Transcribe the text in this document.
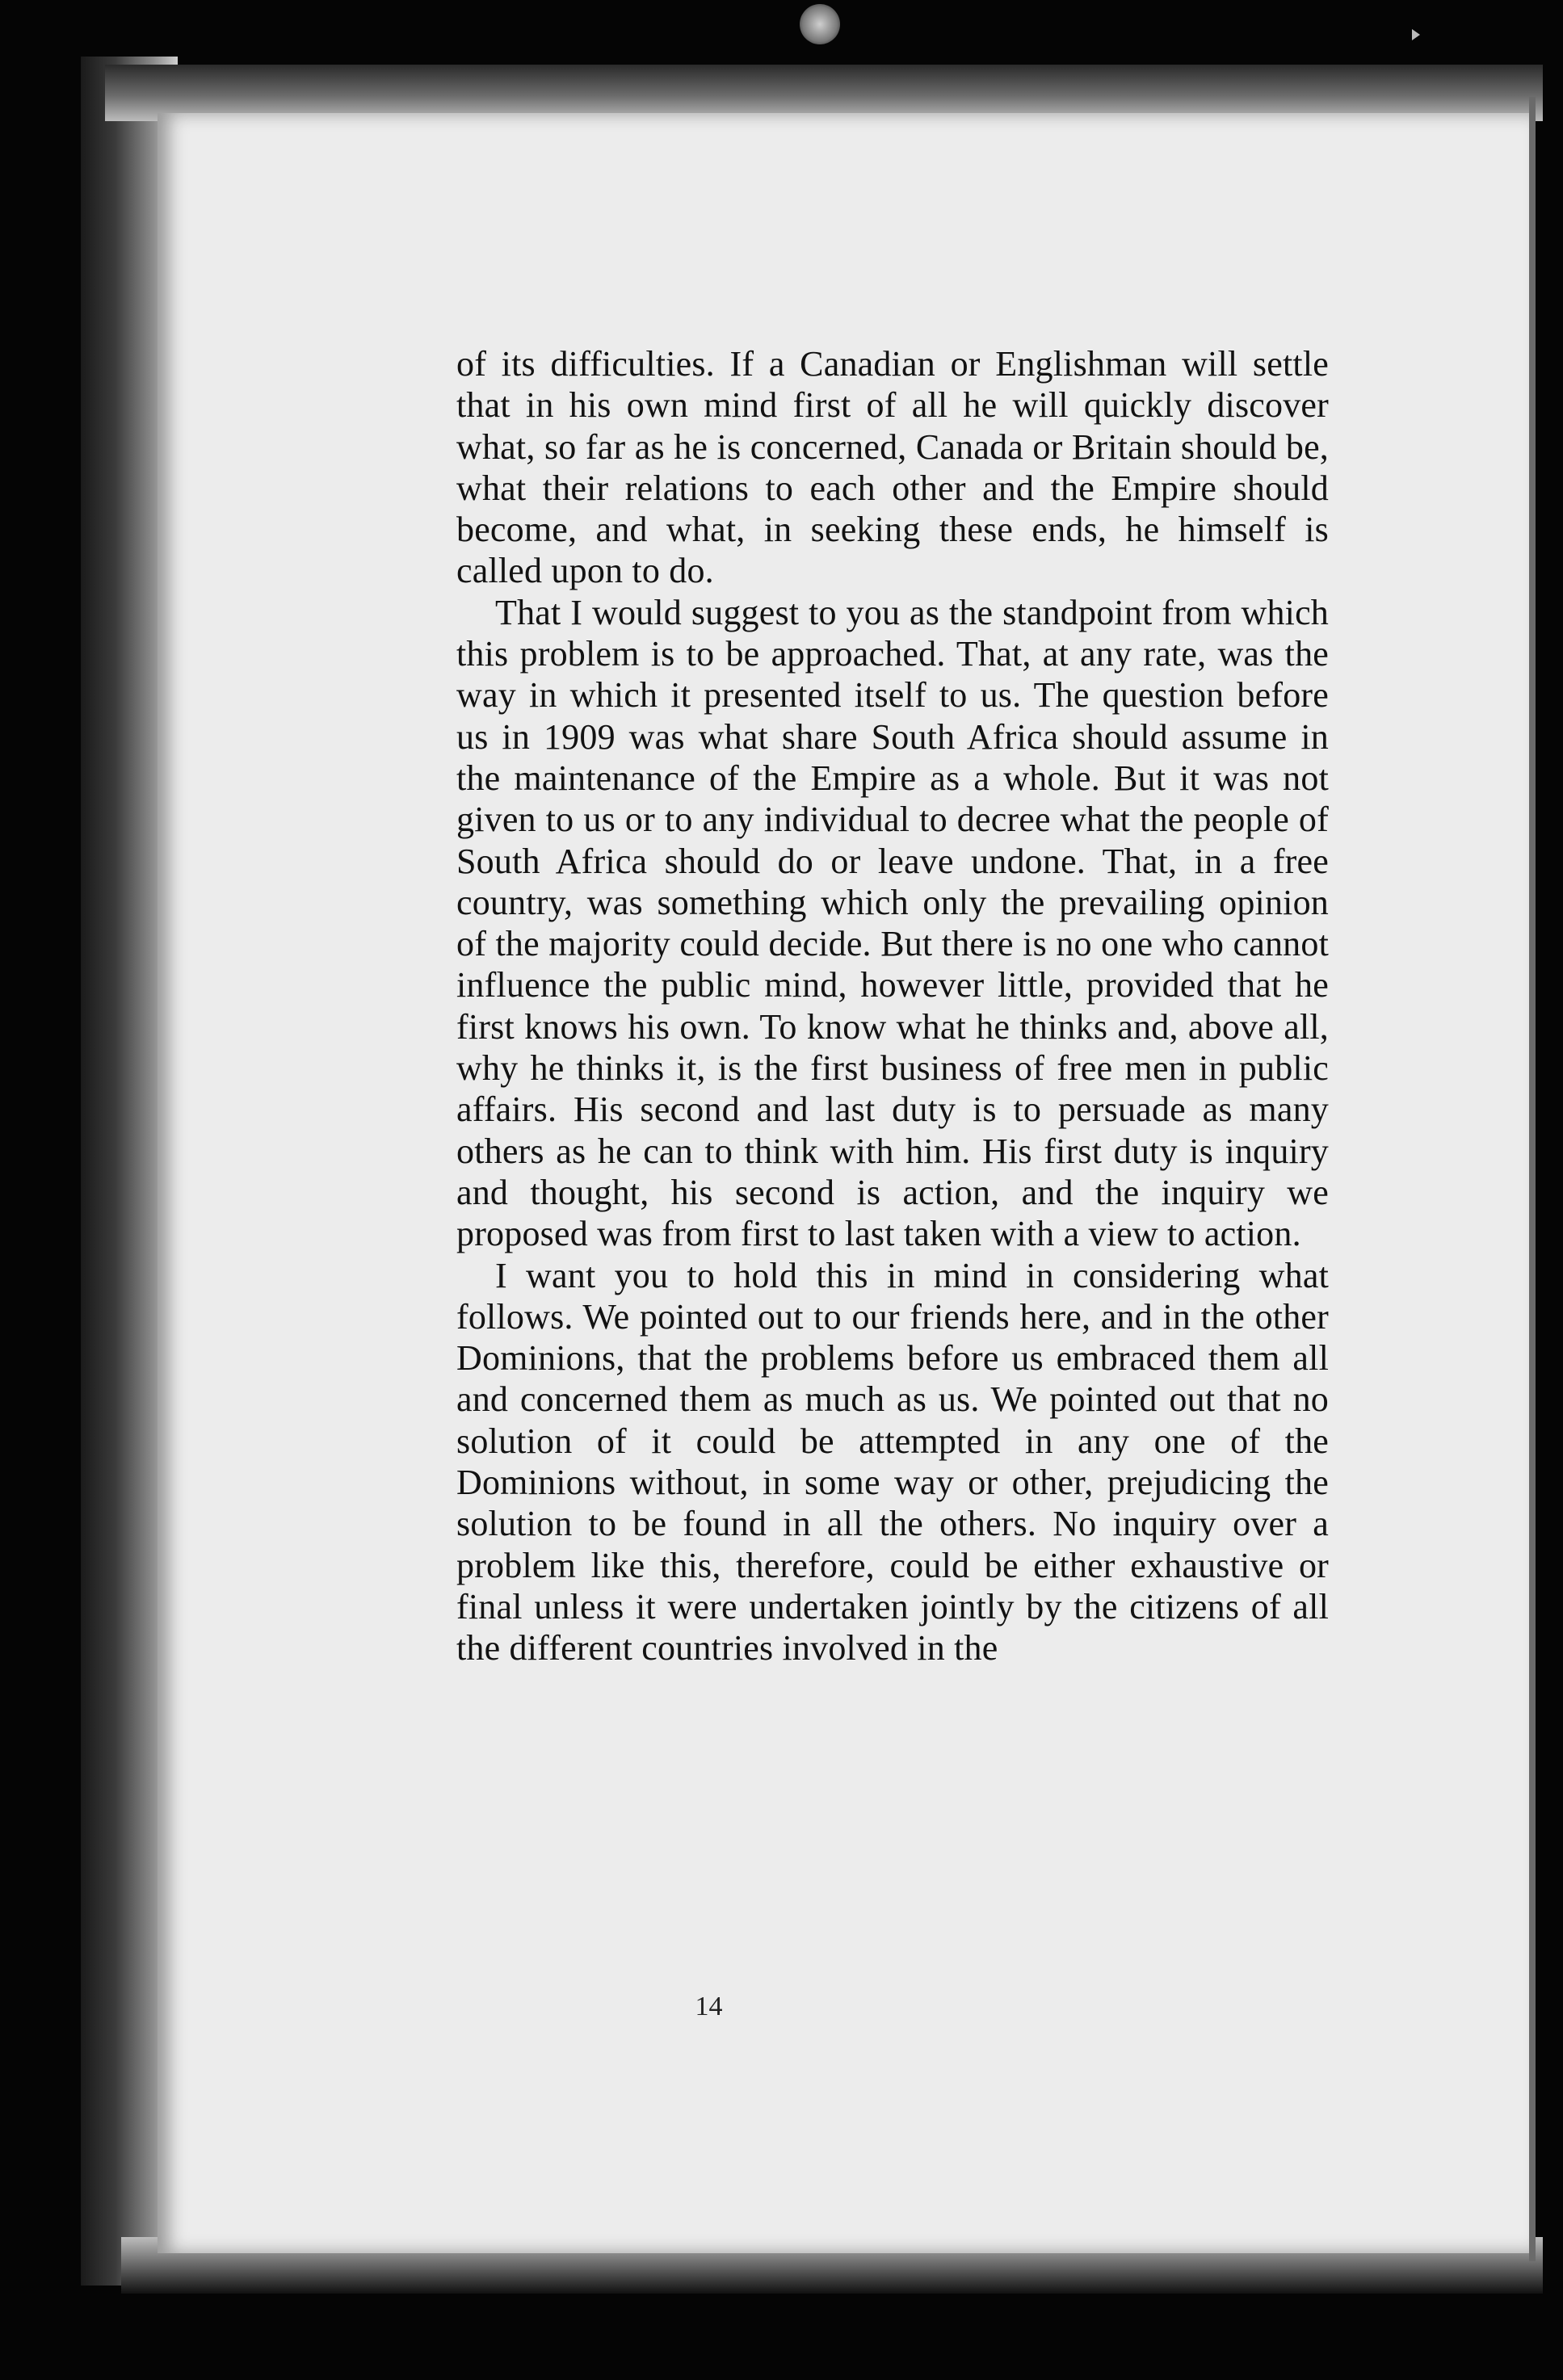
of its difficulties. If a Canadian or Englishman will settle that in his own mind first of all he will quickly discover what, so far as he is concerned, Canada or Britain should be, what their relations to each other and the Empire should become, and what, in seeking these ends, he himself is called upon to do.

That I would suggest to you as the standpoint from which this problem is to be approached. That, at any rate, was the way in which it presented itself to us. The question before us in 1909 was what share South Africa should assume in the maintenance of the Empire as a whole. But it was not given to us or to any individual to decree what the people of South Africa should do or leave undone. That, in a free country, was something which only the prevailing opinion of the majority could decide. But there is no one who cannot influence the public mind, however little, provided that he first knows his own. To know what he thinks and, above all, why he thinks it, is the first business of free men in public affairs. His second and last duty is to persuade as many others as he can to think with him. His first duty is inquiry and thought, his second is action, and the inquiry we proposed was from first to last taken with a view to action.

I want you to hold this in mind in considering what follows. We pointed out to our friends here, and in the other Dominions, that the problems before us embraced them all and concerned them as much as us. We pointed out that no solution of it could be attempted in any one of the Dominions without, in some way or other, prejudicing the solution to be found in all the others. No inquiry over a problem like this, therefore, could be either exhaustive or final unless it were undertaken jointly by the citizens of all the different countries involved in the

14
